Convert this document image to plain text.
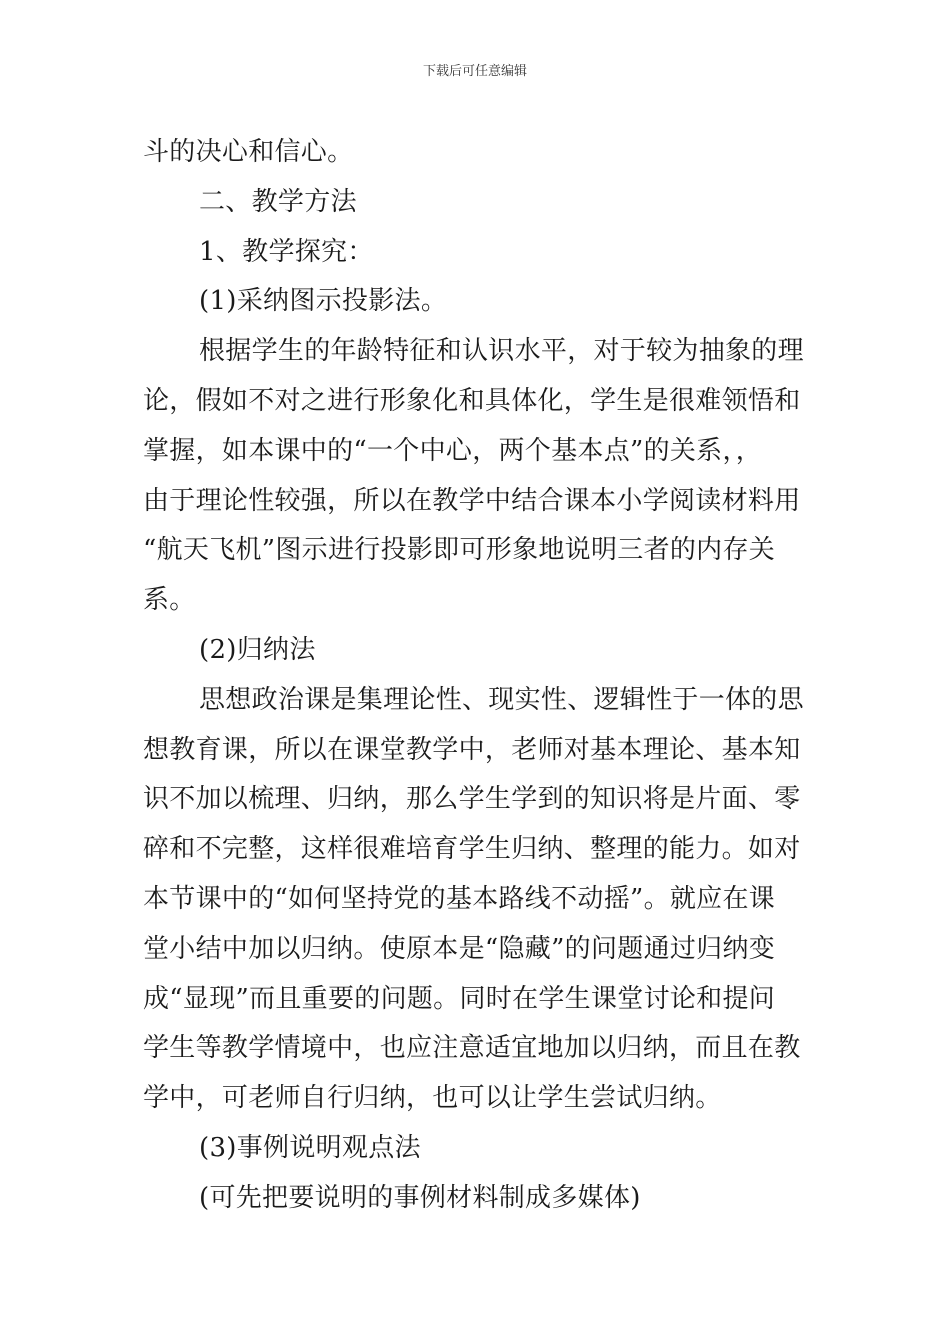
下载后可任意编辑
斗的决心和信心。
二、教学方法
1、教学探究：
(1)采纳图示投影法。
根据学生的年龄特征和认识水平，对于较为抽象的理
论，假如不对之进行形象化和具体化，学生是很难领悟和
掌握，如本课中的“一个中心，两个基本点”的关系，，
由于理论性较强，所以在教学中结合课本小学阅读材料用
“航天飞机”图示进行投影即可形象地说明三者的内存关
系。
(2)归纳法
思想政治课是集理论性、现实性、逻辑性于一体的思
想教育课，所以在课堂教学中，老师对基本理论、基本知
识不加以梳理、归纳，那么学生学到的知识将是片面、零
碎和不完整，这样很难培育学生归纳、整理的能力。如对
本节课中的“如何坚持党的基本路线不动摇”。就应在课
堂小结中加以归纳。使原本是“隐藏”的问题通过归纳变
成“显现”而且重要的问题。同时在学生课堂讨论和提问
学生等教学情境中，也应注意适宜地加以归纳，而且在教
学中，可老师自行归纳，也可以让学生尝试归纳。
(3)事例说明观点法
(可先把要说明的事例材料制成多媒体)
